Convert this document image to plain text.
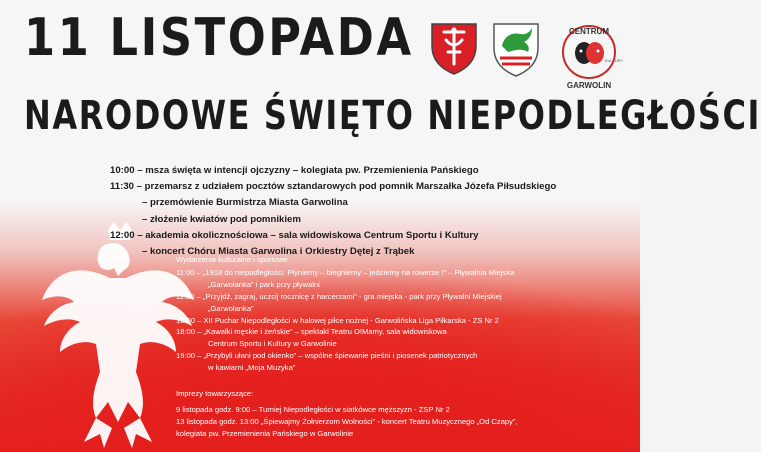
11 LISTOPADA
NARODOWE ŚWIĘTO NIEPODLEGŁOŚCI
CENTRUM
KULTURY
GARWOLIN
10:00 – msza święta w intencji ojczyzny – kolegiata pw. Przemienienia Pańskiego
11:30 – przemarsz z udziałem pocztów sztandarowych pod pomnik Marszałka Józefa Piłsudskiego
– przemówienie Burmistrza Miasta Garwolina
– złożenie kwiatów pod pomnikiem
12:00 – akademia okolicznościowa – sala widowiskowa Centrum Sportu i Kultury
– koncert Chóru Miasta Garwolina i Orkiestry Dętej z Trąbek
Wydarzenia kulturalne i sportowe
11:00 – „1918 do niepodległości. Płyniemy – biegniemy – jedziemy na rowerze !” – Pływalnia Miejska
„Garwolanka” i park przy pływalni
11:00 – „Przyjdź, zagraj, uczcij rocznicę z harcerzami” - gra miejska - park przy Pływalni Miejskiej
„Garwolanka”
12:00 – XII Puchar Niepodległości w halowej piłce nożnej - Garwolińska Liga Piłkarska - ZS Nr 2
18:00 – „Kawałki męskie i żeńskie” – spektakl Teatru O!Mamy, sala widowiskowa
Centrum Sportu i Kultury w Garwolinie
19:00 – „Przybyli ułani pod okienko” – wspólne śpiewanie pieśni i piosenek patriotycznych
w kawiarni „Moja Muzyka”
Imprezy towarzyszące:
9 listopada godz. 9:00 – Turniej Niepodległości w siatkówce męższyzn - ZSP Nr 2
13 listopada godz. 13:00 „Śpiewajmy Żołnierzom Wolności” - koncert Teatru Muzycznego „Od Czapy”,
kolegiata pw. Przemienienia Pańskiego w Garwolinie
